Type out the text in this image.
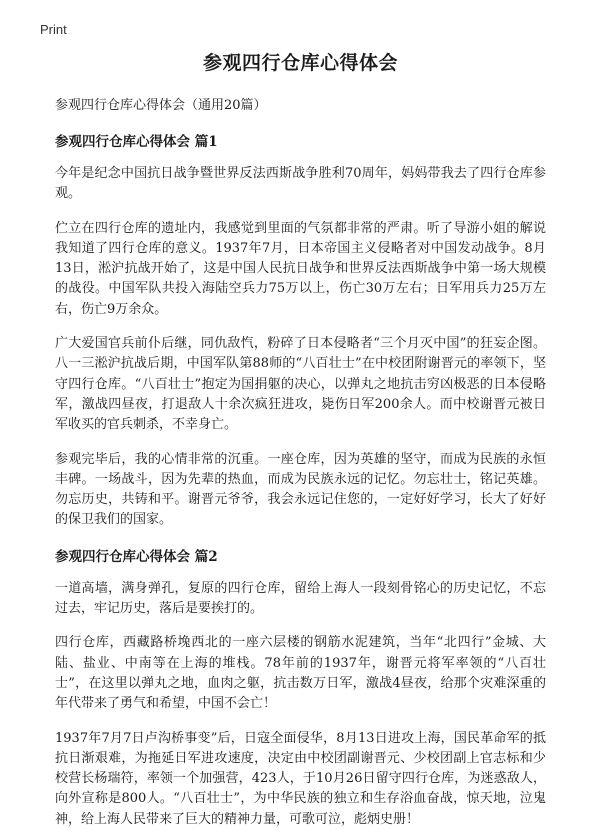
Print
参观四行仓库心得体会

参观四行仓库心得体会（通用20篇）

参观四行仓库心得体会 篇1

今年是纪念中国抗日战争暨世界反法西斯战争胜利70周年，妈妈带我去了四行仓库参观。

伫立在四行仓库的遗址内，我感觉到里面的气氛都非常的严肃。听了导游小姐的解说我知道了四行仓库的意义。1937年7月，日本帝国主义侵略者对中国发动战争。8月13日，淞沪抗战开始了，这是中国人民抗日战争和世界反法西斯战争中第一场大规模的战役。中国军队共投入海陆空兵力75万以上，伤亡30万左右；日军用兵力25万左右，伤亡9万余众。

广大爱国官兵前仆后继，同仇敌忾，粉碎了日本侵略者“三个月灭中国”的狂妄企图。八一三淞沪抗战后期，中国军队第88师的“八百壮士”在中校团附谢晋元的率领下，坚守四行仓库。“八百壮士”抱定为国捐躯的决心，以弹丸之地抗击穷凶极恶的日本侵略军，激战四昼夜，打退敌人十余次疯狂进攻，毙伤日军200余人。而中校谢晋元被日军收买的官兵刺杀，不幸身亡。

参观完毕后，我的心情非常的沉重。一座仓库，因为英雄的坚守，而成为民族的永恒丰碑。一场战斗，因为先辈的热血，而成为民族永远的记忆。勿忘壮士，铭记英雄。勿忘历史，共铸和平。谢晋元爷爷，我会永远记住您的，一定好好学习，长大了好好的保卫我们的国家。

参观四行仓库心得体会 篇2

一道高墙，满身弹孔，复原的四行仓库，留给上海人一段刻骨铭心的历史记忆，不忘过去，牢记历史，落后是要挨打的。

四行仓库，西藏路桥堍西北的一座六层楼的钢筋水泥建筑，当年“北四行”金城、大陆、盐业、中南等在上海的堆栈。78年前的1937年，谢晋元将军率领的“八百壮士”，在这里以弹丸之地，血肉之躯，抗击数万日军，激战4昼夜，给那个灾难深重的年代带来了勇气和希望，中国不会亡！

1937年7月7日卢沟桥事变”后，日寇全面侵华，8月13日进攻上海，国民革命军的抵抗日渐艰难，为拖延日军进攻速度，决定由中校团副谢晋元、少校团副上官志标和少校营长杨瑞符，率领一个加强营，423人，于10月26日留守四行仓库，为迷惑敌人，向外宣称是800人。“八百壮士”，为中华民族的独立和生存浴血奋战，惊天地，泣鬼神，给上海人民带来了巨大的精神力量，可歌可泣，彪炳史册！
